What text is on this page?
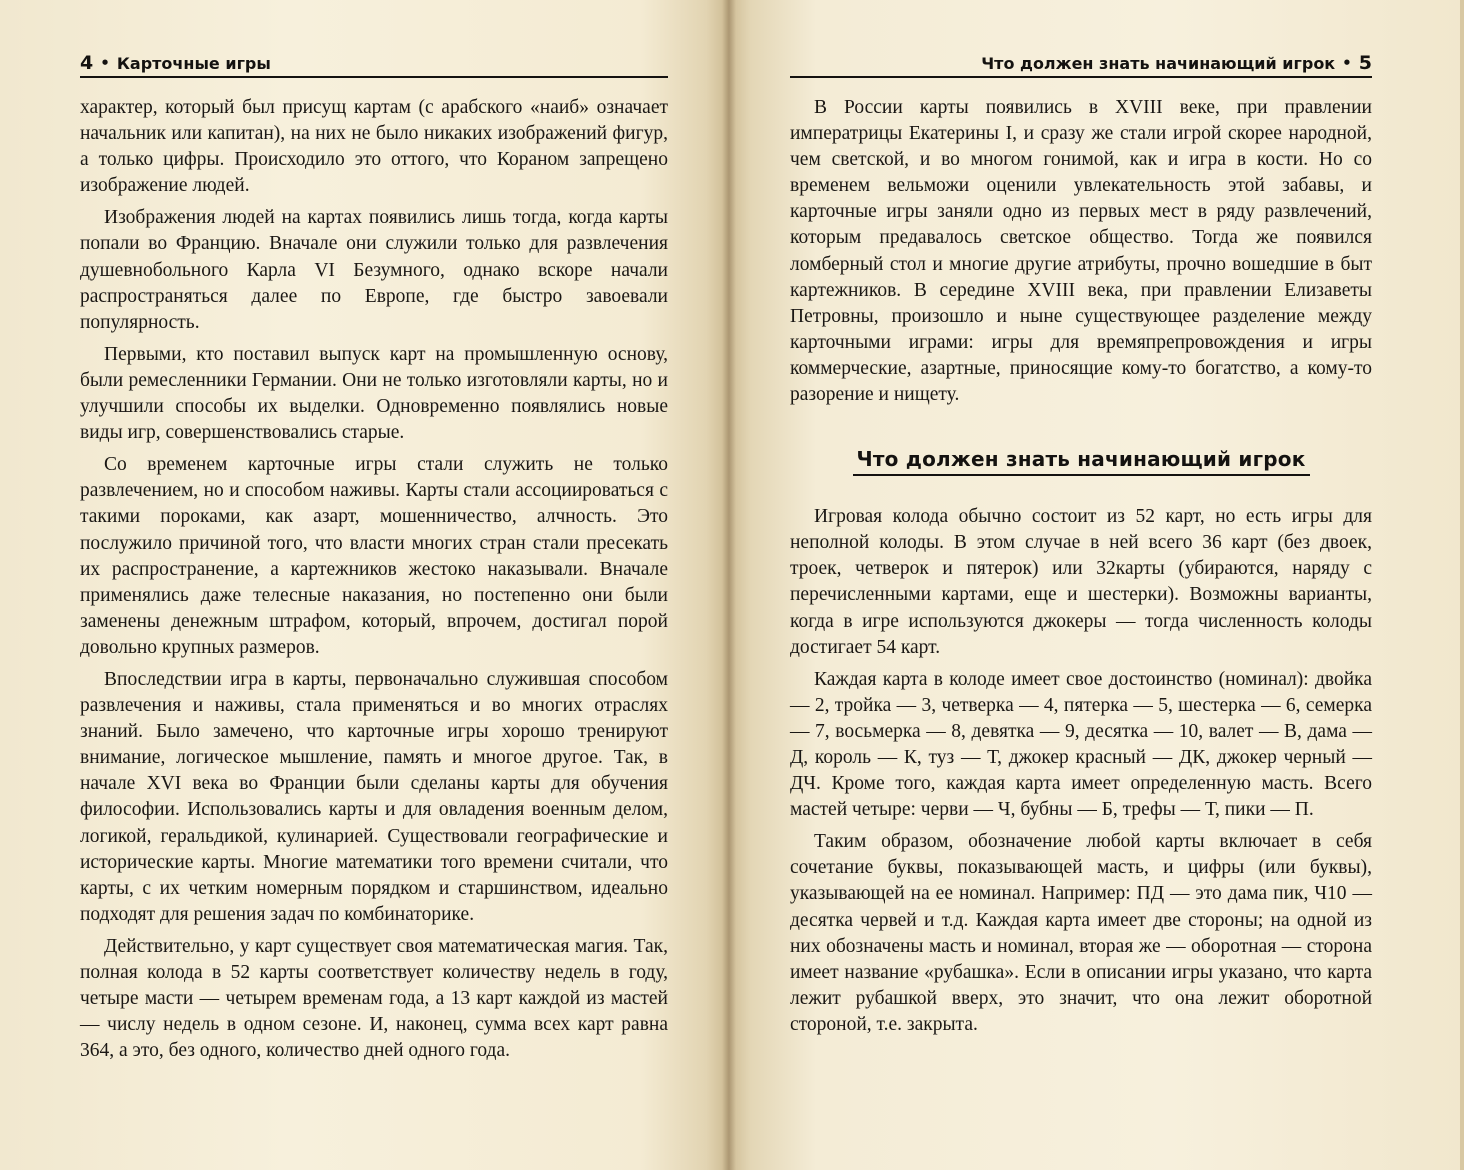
4 • Карточные игры

характер, который был присущ картам (с арабского «наиб» означает начальник или капитан), на них не было никаких изображений фигур, а только цифры. Происходило это оттого, что Кораном запрещено изображение людей.

Изображения людей на картах появились лишь тогда, когда карты попали во Францию. Вначале они служили только для развлечения душевнобольного Карла VI Безумного, однако вскоре начали распространяться далее по Европе, где быстро завоевали популярность.

Первыми, кто поставил выпуск карт на промышленную основу, были ремесленники Германии. Они не только изготовляли карты, но и улучшили способы их выделки. Одновременно появлялись новые виды игр, совершенствовались старые.

Со временем карточные игры стали служить не только развлечением, но и способом наживы. Карты стали ассоциироваться с такими пороками, как азарт, мошенничество, алчность. Это послужило причиной того, что власти многих стран стали пресекать их распространение, а картежников жестоко наказывали. Вначале применялись даже телесные наказания, но постепенно они были заменены денежным штрафом, который, впрочем, достигал порой довольно крупных размеров.

Впоследствии игра в карты, первоначально служившая способом развлечения и наживы, стала применяться и во многих отраслях знаний. Было замечено, что карточные игры хорошо тренируют внимание, логическое мышление, память и многое другое. Так, в начале XVI века во Франции были сделаны карты для обучения философии. Использовались карты и для овладения военным делом, логикой, геральдикой, кулинарией. Существовали географические и исторические карты. Многие математики того времени считали, что карты, с их четким номерным порядком и старшинством, идеально подходят для решения задач по комбинаторике.

Действительно, у карт существует своя математическая магия. Так, полная колода в 52 карты соответствует количеству недель в году, четыре масти — четырем временам года, а 13 карт каждой из мастей — числу недель в одном сезоне. И, наконец, сумма всех карт равна 364, а это, без одного, количество дней одного года.

Что должен знать начинающий игрок • 5

В России карты появились в XVIII веке, при правлении императрицы Екатерины I, и сразу же стали игрой скорее народной, чем светской, и во многом гонимой, как и игра в кости. Но со временем вельможи оценили увлекательность этой забавы, и карточные игры заняли одно из первых мест в ряду развлечений, которым предавалось светское общество. Тогда же появился ломберный стол и многие другие атрибуты, прочно вошедшие в быт картежников. В середине XVIII века, при правлении Елизаветы Петровны, произошло и ныне существующее разделение между карточными играми: игры для времяпрепровождения и игры коммерческие, азартные, приносящие кому-то богатство, а кому-то разорение и нищету.

Что должен знать начинающий игрок

Игровая колода обычно состоит из 52 карт, но есть игры для неполной колоды. В этом случае в ней всего 36 карт (без двоек, троек, четверок и пятерок) или 32карты (убираются, наряду с перечисленными картами, еще и шестерки). Возможны варианты, когда в игре используются джокеры — тогда численность колоды достигает 54 карт.

Каждая карта в колоде имеет свое достоинство (номинал): двойка — 2, тройка — 3, четверка — 4, пятерка — 5, шестерка — 6, семерка — 7, восьмерка — 8, девятка — 9, десятка — 10, валет — В, дама — Д, король — К, туз — Т, джокер красный — ДК, джокер черный — ДЧ. Кроме того, каждая карта имеет определенную масть. Всего мастей четыре: черви — Ч, бубны — Б, трефы — Т, пики — П.

Таким образом, обозначение любой карты включает в себя сочетание буквы, показывающей масть, и цифры (или буквы), указывающей на ее номинал. Например: ПД — это дама пик, Ч10 — десятка червей и т.д. Каждая карта имеет две стороны; на одной из них обозначены масть и номинал, вторая же — оборотная — сторона имеет название «рубашка». Если в описании игры указано, что карта лежит рубашкой вверх, это значит, что она лежит оборотной стороной, т.е. закрыта.
